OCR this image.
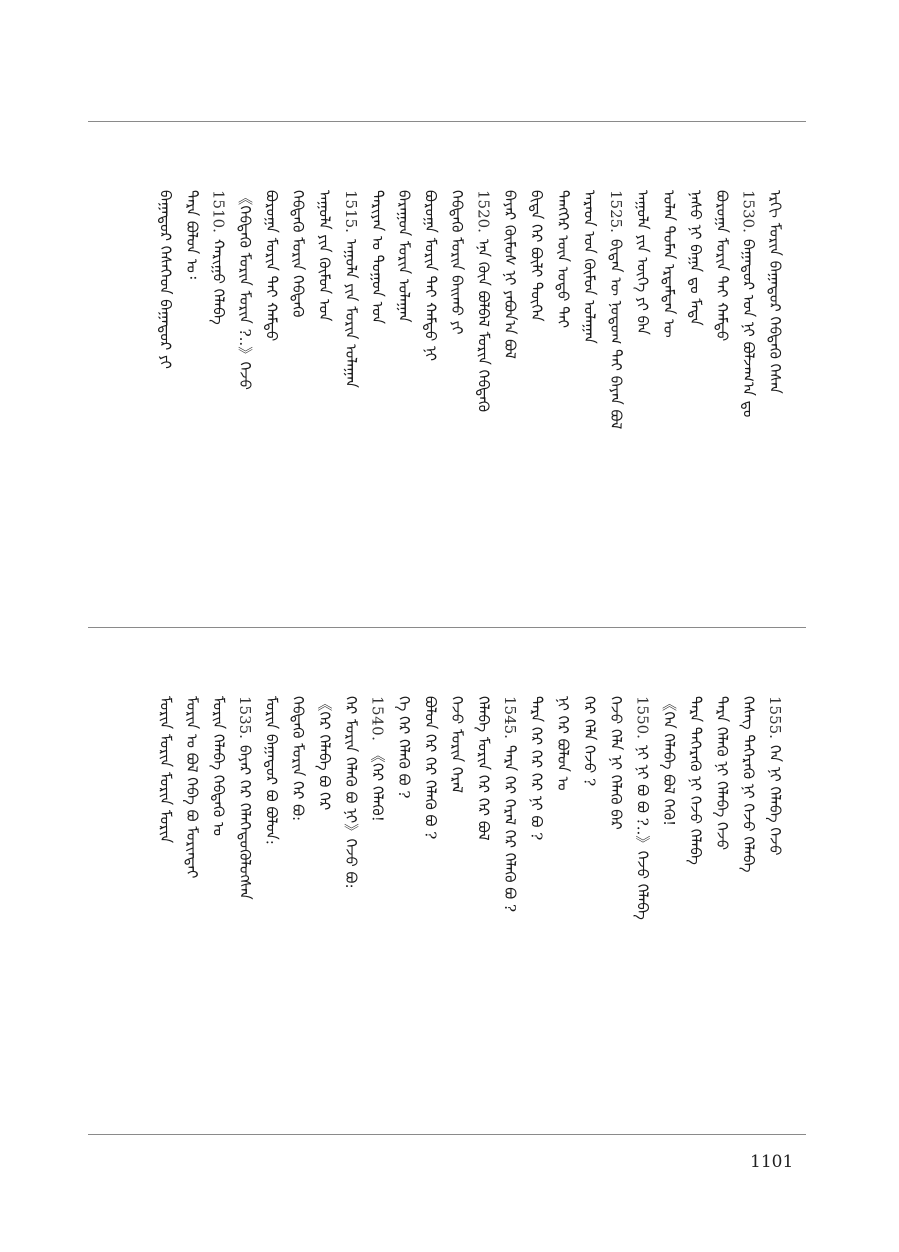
ᠡᠷᠬᠢ ᠮᠣᠷᠢᠨ ᠪᠠᠭᠠᠲᠤᠷ ᠬᠡᠪᠲᠡᠬᠦ ᠭᠡᠰᠡᠨ
1530.ᠪᠠᠭᠠᠲᠤᠷ ᠤᠨ ᠨᠢ ᠪᠣᠯᠵᠠᠭ᠎ᠠ ᠳᠤ
ᠪᠣᠷᠣᠭᠠ ᠮᠣᠷᠢᠨ ᠲᠠᠢ ᠬᠠᠮᠲᠤ
ᠨᠠᠰᠤ ᠨᠢ ᠪᠠᠭᠠ ᠳᠤ ᠮᠡᠳᠡ
ᠣᠯᠠᠨ ᠲᠤᠮᠡᠨ ᠡᠷᠳᠡᠮᠲᠡᠨ ᠦ
ᠠᠭᠤᠯᠠ ᠶᠢᠨ ᠦᠭᠡ ᠶᠢ ᠪᠡᠨ
1525.ᠪᠢᠳᠡᠨ ᠦ ᠨᠤᠲᠤᠭ ᠲᠠᠢ ᠪᠠᠶᠠᠨ ᠪᠣᠯ
ᠠᠷᠠᠳ ᠤᠨ ᠬᠦᠮᠦᠨ ᠤᠯᠠᠭᠠᠨ
ᠲᠡᠩᠭᠡᠷ ᠦᠨ ᠣᠳᠣ ᠲᠠᠢ
ᠪᠢᠳᠡ ᠭᠡᠷ ᠪᠦᠯᠢ ᠳᠦᠭᠡᠨ
ᠪᠠᠶᠠᠷ ᠬᠦᠮᠦᠰ ᠨᠢ ᠶᠠᠪᠤᠨ᠎ᠠ ᠪᠣᠯ
1520.ᠡᠨᠡ ᠬᠦᠨ ᠪᠣᠯᠪᠠᠯ ᠮᠣᠷᠢᠨ ᠬᠡᠪᠲᠡᠬᠦ
ᠬᠡᠪᠲᠡᠬᠦ ᠮᠣᠷᠢᠨ ᠪᠠᠢᠬᠤ ᠶᠢ
ᠪᠣᠷᠣᠭᠠ ᠮᠣᠷᠢᠨ ᠲᠠᠢ ᠬᠠᠮᠲᠤ ᠨᠢ
ᠪᠠᠷᠠᠭᠤᠨ ᠮᠣᠷᠢᠨ ᠤᠯᠠᠭᠠᠨ
ᠲᠠᠷᠢᠶᠠᠨ ᠤ ᠲᠣᠭᠣᠨ ᠤᠨ
1515.ᠠᠭᠤᠯᠠ ᠶᠢᠨ ᠮᠣᠷᠢᠨ ᠤᠯᠠᠭᠠᠨ
ᠠᠭᠤᠯᠠ ᠶᠢᠨ ᠬᠦᠮᠦᠨ ᠤᠨ
ᠬᠡᠪᠲᠡᠬᠦ ᠮᠣᠷᠢᠨ ᠬᠡᠪᠲᠡᠬᠦ
ᠪᠣᠷᠣᠭᠠ ᠮᠣᠷᠢᠨ ᠲᠠᠢ ᠬᠠᠮᠲᠤ
《ᠬᠡᠪᠲᠡᠬᠦ ᠮᠣᠷᠢᠨ ᠮᠣᠷᠢᠨ ?..》ᠭᠡᠵᠦ
1510.ᠬᠠᠷᠢᠭᠤ ᠬᠡᠯᠡᠪᠡ
ᠲᠡᠷᠡ ᠪᠣᠯᠣᠨ ᠤ᠄
ᠪᠠᠭᠠᠲᠤᠷ ᠬᠡᠰᠡᠭᠡᠳ ᠪᠠᠭᠠᠲᠤᠷ ᠶᠢ
1555.ᠬᠡᠨ ᠨᠢ ᠬᠡᠯᠡᠪᠡ ᠭᠡᠵᠦ
ᠬᠡᠰᠡᠭ ᠲᠡᠭᠡᠷᠡᠭᠦ ᠨᠢ ᠭᠡᠵᠦ ᠬᠡᠯᠡᠪᠡ
ᠲᠡᠷᠡ ᠬᠡᠯᠡᠬᠦ ᠨᠢ ᠬᠡᠯᠡᠪᠡ ᠭᠡᠵᠦ
ᠲᠡᠷᠡ ᠲᠡᠭᠡᠷᠡᠭᠦ ᠨᠢ ᠭᠡᠵᠦ ᠬᠡᠯᠡᠪᠡ
《ᠬᠡᠨ ᠬᠡᠯᠡᠪᠡ ᠪᠣᠯ ᠭᠡᠬᠦ!
1550.ᠨᠢ ᠨᠢ ᠪᠣ ᠪᠣ ?..》ᠭᠡᠵᠦ ᠬᠡᠯᠡᠪᠡ
ᠭᠡᠵᠦ ᠭᠡᠯᠡ ᠨᠢ ᠬᠡᠯᠡᠬᠦ ᠪᠡᠷ
ᠭᠡᠷ ᠬᠡᠯᠡ ᠭᠡᠵᠦ ?
ᠨᠢ ᠭᠡᠷ ᠪᠣᠯᠣᠨ ᠣ
ᠲᠡᠷᠡ ᠭᠡᠷ ᠭᠡᠷ ᠭᠡᠷ ᠨᠢ ᠪᠣ ?
1545.ᠲᠡᠷᠡ ᠭᠡᠷ ᠭᠡᠷᠡᠯ ᠭᠡᠷ ᠭᠡᠯᠡᠭᠦ ᠪᠣ ?
ᠬᠡᠯᠡᠪᠡ ᠮᠣᠷᠢᠨ ᠭᠡᠷ ᠬᠡᠷ ᠪᠣᠯ
ᠭᠡᠵᠦ ᠮᠣᠷᠢᠨ ᠭᠡᠷᠡᠯ
ᠪᠣᠯᠣᠨ ᠬᠡᠷ ᠭᠡᠷ ᠭᠡᠯᠡᠭᠦ ᠪᠣ ?
ᠬᠡ ᠭᠡᠷ ᠭᠡᠯᠡᠭᠦ ᠪᠣ ?
1540.《ᠭᠡᠷ ᠭᠡᠯᠡᠭᠦ!
ᠭᠡᠷ ᠮᠣᠷᠢᠨ ᠭᠡᠯᠡᠭᠦ ᠪᠣ ᠨᠢ》ᠭᠡᠵᠦ ᠪᠣ:
《ᠭᠡᠷ ᠬᠡᠯᠡᠪᠡ ᠪᠣ ᠭᠡᠷ
ᠬᠡᠪᠲᠡᠬᠦ ᠮᠣᠷᠢᠨ ᠬᠡᠷ ᠪᠣ:
ᠮᠣᠷᠢᠨ ᠪᠠᠭᠠᠲᠤᠷ ᠪᠣ ᠪᠣᠯᠣᠨ:
1535.ᠪᠠᠶᠠᠷ ᠭᠡᠷ ᠬᠡᠯᠡᠭᠡᠳᠦᠭᠦᠯᠦᠭᠰᠡᠨ
ᠮᠣᠷᠢᠨ ᠬᠡᠯᠡᠪᠡ ᠬᠡᠪᠲᠡᠬᠦ ᠤ
ᠮᠣᠷᠢᠨ ᠣ ᠪᠣᠯ ᠬᠡᠪᠡ ᠪᠣ ᠮᠣᠷᠢᠨᠲᠠᠢ
ᠮᠣᠷᠢᠨ ᠮᠣᠷᠢᠨ ᠮᠣᠷᠢᠨ ᠮᠣᠷᠢᠨ
1101
